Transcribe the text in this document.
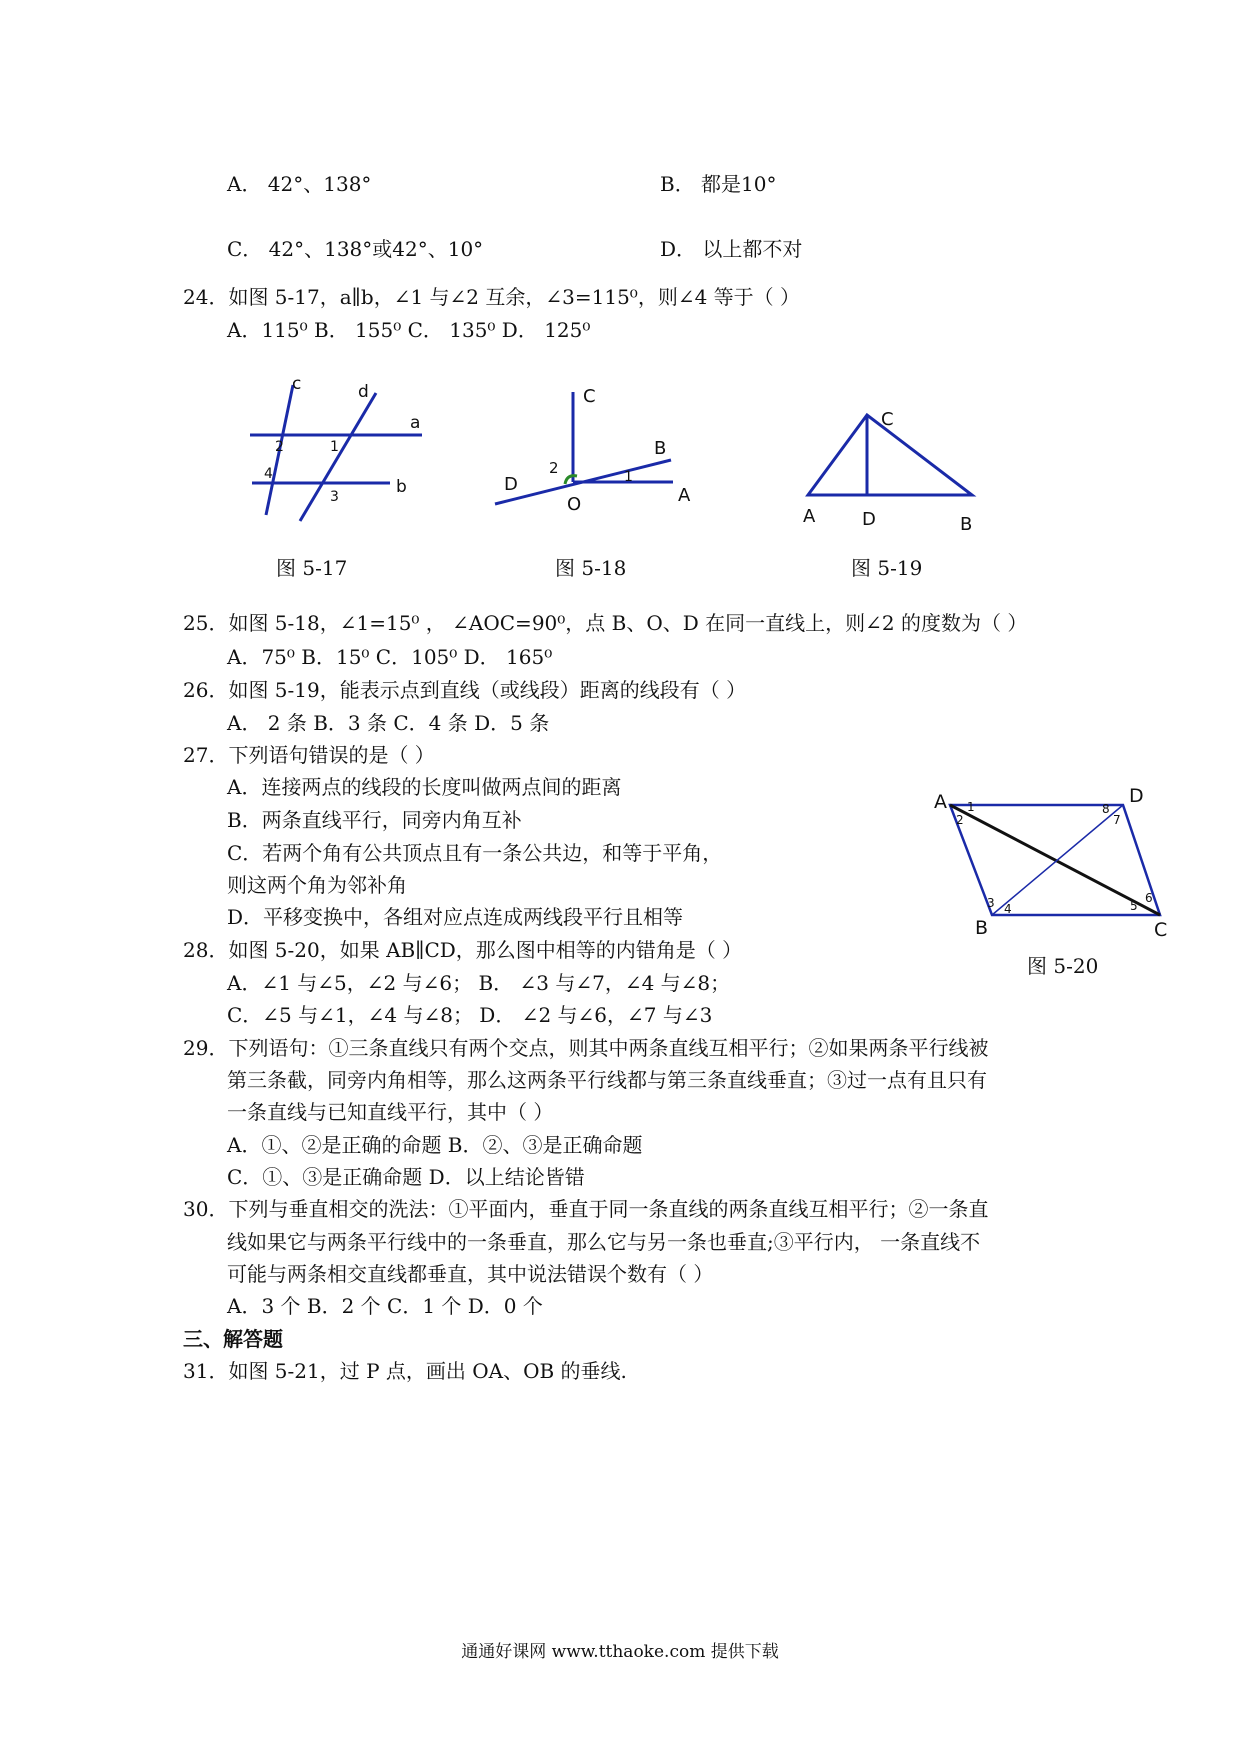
A． 42°、138°	B． 都是10°
C． 42°、138°或42°、10°	D． 以上都不对
24．如图 5-17，a∥b，∠1 与∠2 互余，∠3=115⁰，则∠4 等于（ ）
A．115⁰ B． 155⁰ C． 135⁰ D． 125⁰
c	d
a
b
1
2
3
4
图 5-17
C
B
D
O	A
1
2
图 5-18
C
A	D	B
图 5-19
25．如图 5-18，∠1=15⁰ ， ∠AOC=90⁰，点 B、O、D 在同一直线上，则∠2 的度数为（ ）
A．75⁰ B．15⁰ C．105⁰ D． 165⁰
26．如图 5-19，能表示点到直线（或线段）距离的线段有（ ）
A． 2 条 B．3 条 C．4 条 D．5 条
27．下列语句错误的是（ ）
A．连接两点的线段的长度叫做两点间的距离
B．两条直线平行，同旁内角互补
C．若两个角有公共顶点且有一条公共边，和等于平角，
则这两个角为邻补角
D．平移变换中，各组对应点连成两线段平行且相等
A	D
B	C
1
2
3 4	5
6
7
8
图 5-20
28．如图 5-20，如果 AB∥CD，那么图中相等的内错角是（ ）
A．∠1 与∠5，∠2 与∠6； B． ∠3 与∠7，∠4 与∠8；
C．∠5 与∠1，∠4 与∠8； D． ∠2 与∠6，∠7 与∠3
29．下列语句：①三条直线只有两个交点，则其中两条直线互相平行；②如果两条平行线被
第三条截，同旁内角相等，那么这两条平行线都与第三条直线垂直；③过一点有且只有
一条直线与已知直线平行，其中（ ）
A．①、②是正确的命题 B．②、③是正确命题
C．①、③是正确命题 D．以上结论皆错
30．下列与垂直相交的洗法：①平面内，垂直于同一条直线的两条直线互相平行；②一条直
线如果它与两条平行线中的一条垂直，那么它与另一条也垂直;③平行内， 一条直线不
可能与两条相交直线都垂直，其中说法错误个数有（ ）
A．3 个 B．2 个 C．1 个 D．0 个
三、解答题
31．如图 5-21，过 P 点，画出 OA、OB 的垂线.
通通好课网 www.tthaoke.com 提供下载
